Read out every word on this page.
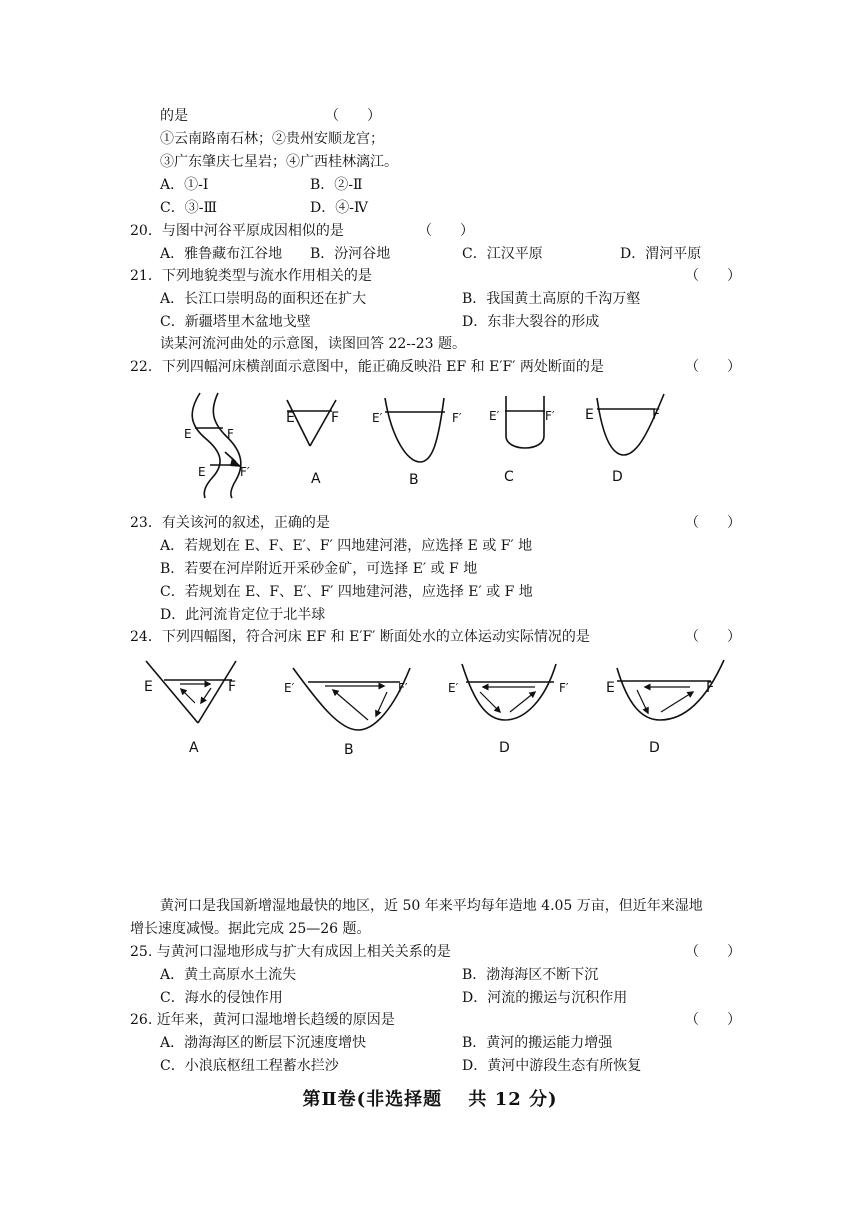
的是	（　　）
①云南路南石林；②贵州安顺龙宫；
③广东肇庆七星岩；④广西桂林漓江。
A．①-Ⅰ	B．②-Ⅱ
C．③-Ⅲ	D．④-Ⅳ
20．与图中河谷平原成因相似的是	（　　）
A．雅鲁藏布江谷地 B．汾河谷地	C．江汉平原	D．渭河平原
21．下列地貌类型与流水作用相关的是	（　　）
A．长江口崇明岛的面积还在扩大	B．我国黄土高原的千沟万壑
C．新疆塔里木盆地戈壁	D．东非大裂谷的形成
读某河流河曲处的示意图，读图回答 22--23 题。
22．下列四幅河床横剖面示意图中，能正确反映沿 EF 和 E′F′ 两处断面的是	（　　）
E	F
E	F′
E	F
A
E′	F′
B
E′	F′
C
E	F
D
23．有关该河的叙述，正确的是	（　　）
A．若规划在 E、F、E′、F′ 四地建河港，应选择 E 或 F′ 地
B．若要在河岸附近开采砂金矿，可选择 E′ 或 F 地
C．若规划在 E、F、E′、F′ 四地建河港，应选择 E′ 或 F 地
D．此河流肯定位于北半球
24．下列四幅图，符合河床 EF 和 E′F′ 断面处水的立体运动实际情况的是	（　　）
E	F
A
E′	F′
B
E′	F′
D
E	F
D
黄河口是我国新增湿地最快的地区，近 50 年来平均每年造地 4.05 万亩，但近年来湿地
增长速度减慢。据此完成 25—26 题。
25. 与黄河口湿地形成与扩大有成因上相关关系的是	（　　）
A．黄土高原水土流失	B．渤海海区不断下沉
C．海水的侵蚀作用	D．河流的搬运与沉积作用
26. 近年来，黄河口湿地增长趋缓的原因是	（　　）
A．渤海海区的断层下沉速度增快	B．黄河的搬运能力增强
C．小浪底枢纽工程蓄水拦沙	D．黄河中游段生态有所恢复
第Ⅱ卷(非选择题　 共 12 分)
